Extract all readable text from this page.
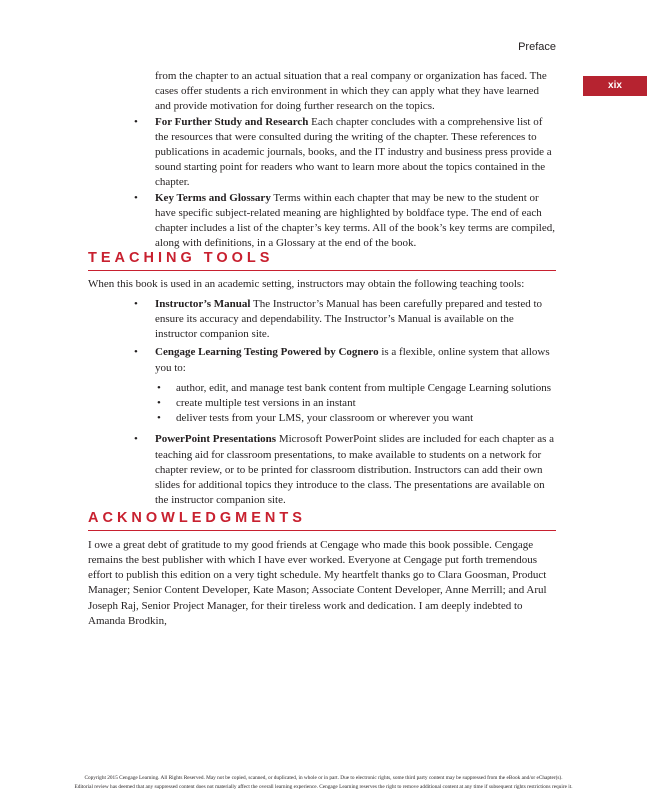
Preface
xix

from the chapter to an actual situation that a real company or organization has faced. The cases offer students a rich environment in which they can apply what they have learned and provide motivation for doing further research on the topics.

• For Further Study and Research Each chapter concludes with a comprehensive list of the resources that were consulted during the writing of the chapter. These references to publications in academic journals, books, and the IT industry and business press provide a sound starting point for readers who want to learn more about the topics contained in the chapter.
• Key Terms and Glossary Terms within each chapter that may be new to the student or have specific subject-related meaning are highlighted by boldface type. The end of each chapter includes a list of the chapter’s key terms. All of the book’s key terms are compiled, along with definitions, in a Glossary at the end of the book.
TEACHING TOOLS

When this book is used in an academic setting, instructors may obtain the following teaching tools:

• Instructor’s Manual The Instructor’s Manual has been carefully prepared and tested to ensure its accuracy and dependability. The Instructor’s Manual is available on the instructor companion site.
• Cengage Learning Testing Powered by Cognero is a flexible, online system that allows you to:
• author, edit, and manage test bank content from multiple Cengage Learning solutions
• create multiple test versions in an instant
• deliver tests from your LMS, your classroom or wherever you want
• PowerPoint Presentations Microsoft PowerPoint slides are included for each chapter as a teaching aid for classroom presentations, to make available to students on a network for chapter review, or to be printed for classroom distribution. Instructors can add their own slides for additional topics they introduce to the class. The presentations are available on the instructor companion site.
ACKNOWLEDGMENTS

I owe a great debt of gratitude to my good friends at Cengage who made this book possible. Cengage remains the best publisher with which I have ever worked. Everyone at Cengage put forth tremendous effort to publish this edition on a very tight schedule. My heartfelt thanks go to Clara Goosman, Product Manager; Senior Content Developer, Kate Mason; Associate Content Developer, Anne Merrill; and Arul Joseph Raj, Senior Project Manager, for their tireless work and dedication. I am deeply indebted to Amanda Brodkin,

Copyright 2015 Cengage Learning. All Rights Reserved. May not be copied, scanned, or duplicated, in whole or in part. Due to electronic rights, some third party content may be suppressed from the eBook and/or eChapter(s).
Editorial review has deemed that any suppressed content does not materially affect the overall learning experience. Cengage Learning reserves the right to remove additional content at any time if subsequent rights restrictions require it.
